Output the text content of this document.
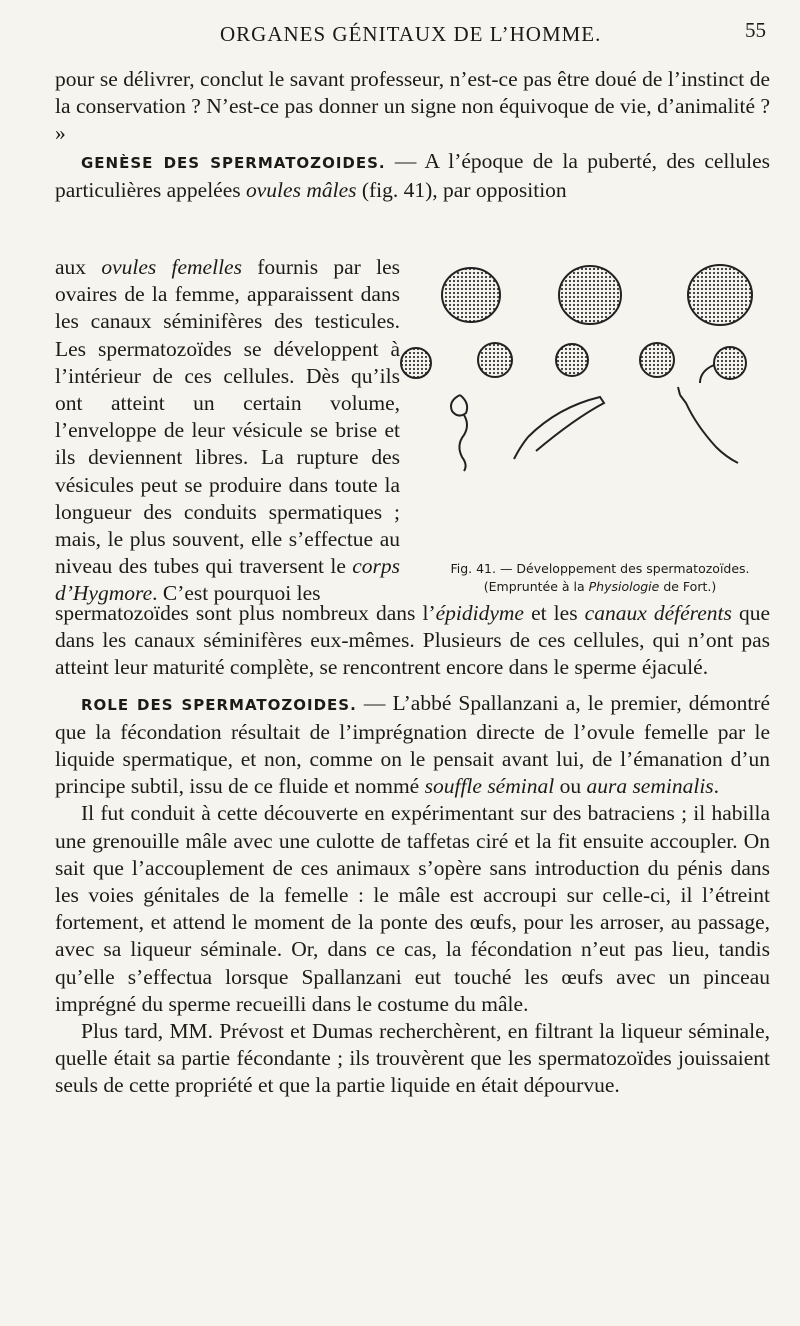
ORGANES GÉNITAUX DE L’HOMME.	55

pour se délivrer, conclut le savant professeur, n’est-ce pas être doué de l’instinct de la conservation ? N’est-ce pas donner un signe non équivoque de vie, d’animalité ? »

GENÈSE DES SPERMATOZOIDES. — A l’époque de la puberté, des cellules particulières appelées ovules mâles (fig. 41), par opposition

aux ovules femelles fournis par les ovaires de la femme, apparaissent dans les canaux séminifères des testicules. Les spermatozoïdes se développent à l’intérieur de ces cellules. Dès qu’ils ont atteint un certain volume, l’enveloppe de leur vésicule se brise et ils deviennent libres. La rupture des vésicules peut se produire dans toute la longueur des conduits spermatiques ; mais, le plus souvent, elle s’effectue au niveau des tubes qui traversent le corps d’Hygmore. C’est pourquoi les

Fig. 41. — Développement des spermatozoïdes.
(Empruntée à la Physiologie de Fort.)

spermatozoïdes sont plus nombreux dans l’épididyme et les canaux déférents que dans les canaux séminifères eux-mêmes. Plusieurs de ces cellules, qui n’ont pas atteint leur maturité complète, se rencontrent encore dans le sperme éjaculé.

ROLE DES SPERMATOZOIDES. — L’abbé Spallanzani a, le premier, démontré que la fécondation résultait de l’imprégnation directe de l’ovule femelle par le liquide spermatique, et non, comme on le pensait avant lui, de l’émanation d’un principe subtil, issu de ce fluide et nommé souffle séminal ou aura seminalis.

Il fut conduit à cette découverte en expérimentant sur des batraciens ; il habilla une grenouille mâle avec une culotte de taffetas ciré et la fit ensuite accoupler. On sait que l’accouplement de ces animaux s’opère sans introduction du pénis dans les voies génitales de la femelle : le mâle est accroupi sur celle-ci, il l’étreint fortement, et attend le moment de la ponte des œufs, pour les arroser, au passage, avec sa liqueur séminale. Or, dans ce cas, la fécondation n’eut pas lieu, tandis qu’elle s’effectua lorsque Spallanzani eut touché les œufs avec un pinceau imprégné du sperme recueilli dans le costume du mâle.

Plus tard, MM. Prévost et Dumas recherchèrent, en filtrant la liqueur séminale, quelle était sa partie fécondante ; ils trouvèrent que les spermatozoïdes jouissaient seuls de cette propriété et que la partie liquide en était dépourvue.
